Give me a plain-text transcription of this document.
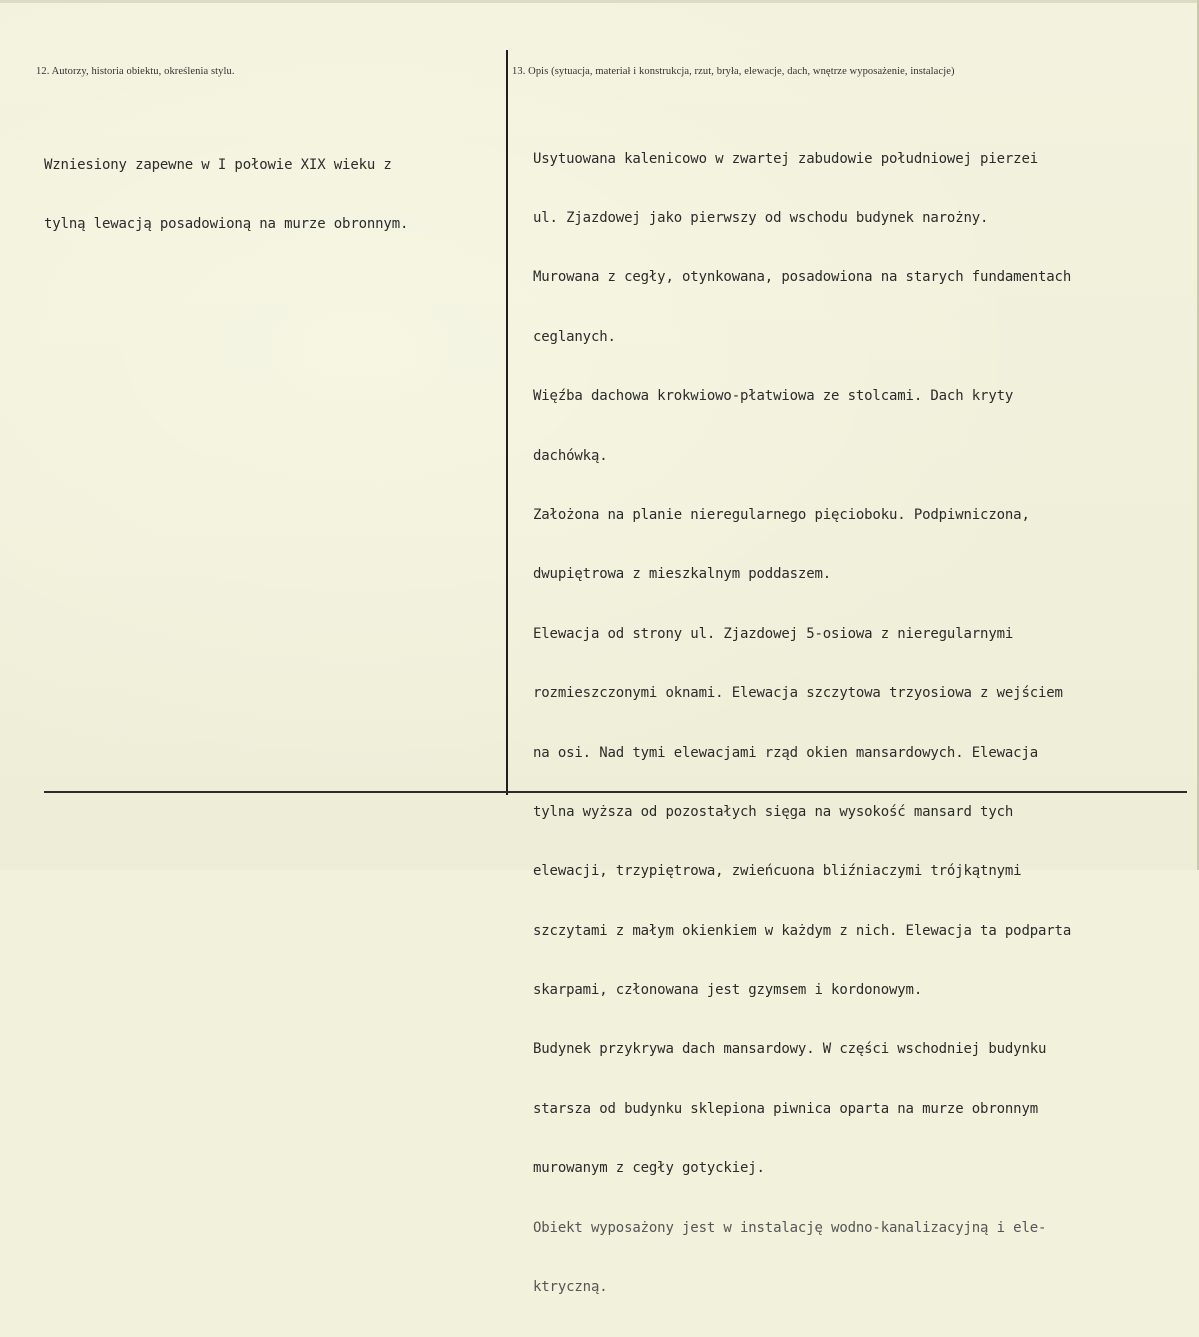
12. Autorzy, historia obiektu, określenia stylu.	13. Opis (sytuacja, materiał i konstrukcja, rzut, bryła, elewacje, dach, wnętrze wyposażenie, instalacje)

Wzniesiony zapewne w I połowie XIX wieku z

tylną lewacją posadowioną na murze obronnym.

Usytuowana kalenicowo w zwartej zabudowie południowej pierzei

ul. Zjazdowej jako pierwszy od wschodu budynek narożny.

Murowana z cegły, otynkowana, posadowiona na starych fundamentach

ceglanych.

Więźba dachowa krokwiowo-płatwiowa ze stolcami. Dach kryty

dachówką.

Założona na planie nieregularnego pięcioboku. Podpiwniczona,

dwupiętrowa z mieszkalnym poddaszem.

Elewacja od strony ul. Zjazdowej 5-osiowa z nieregularnymi

rozmieszczonymi oknami. Elewacja szczytowa trzyosiowa z wejściem

na osi. Nad tymi elewacjami rząd okien mansardowych. Elewacja

tylna wyższa od pozostałych sięga na wysokość mansard tych

elewacji, trzypiętrowa, zwieńcuona bliźniaczymi trójkątnymi

szczytami z małym okienkiem w każdym z nich. Elewacja ta podparta

skarpami, członowana jest gzymsem i kordonowym.

Budynek przykrywa dach mansardowy. W części wschodniej budynku

starsza od budynku sklepiona piwnica oparta na murze obronnym

murowanym z cegły gotyckiej.

Obiekt wyposażony jest w instalację wodno-kanalizacyjną i ele-

ktryczną.
